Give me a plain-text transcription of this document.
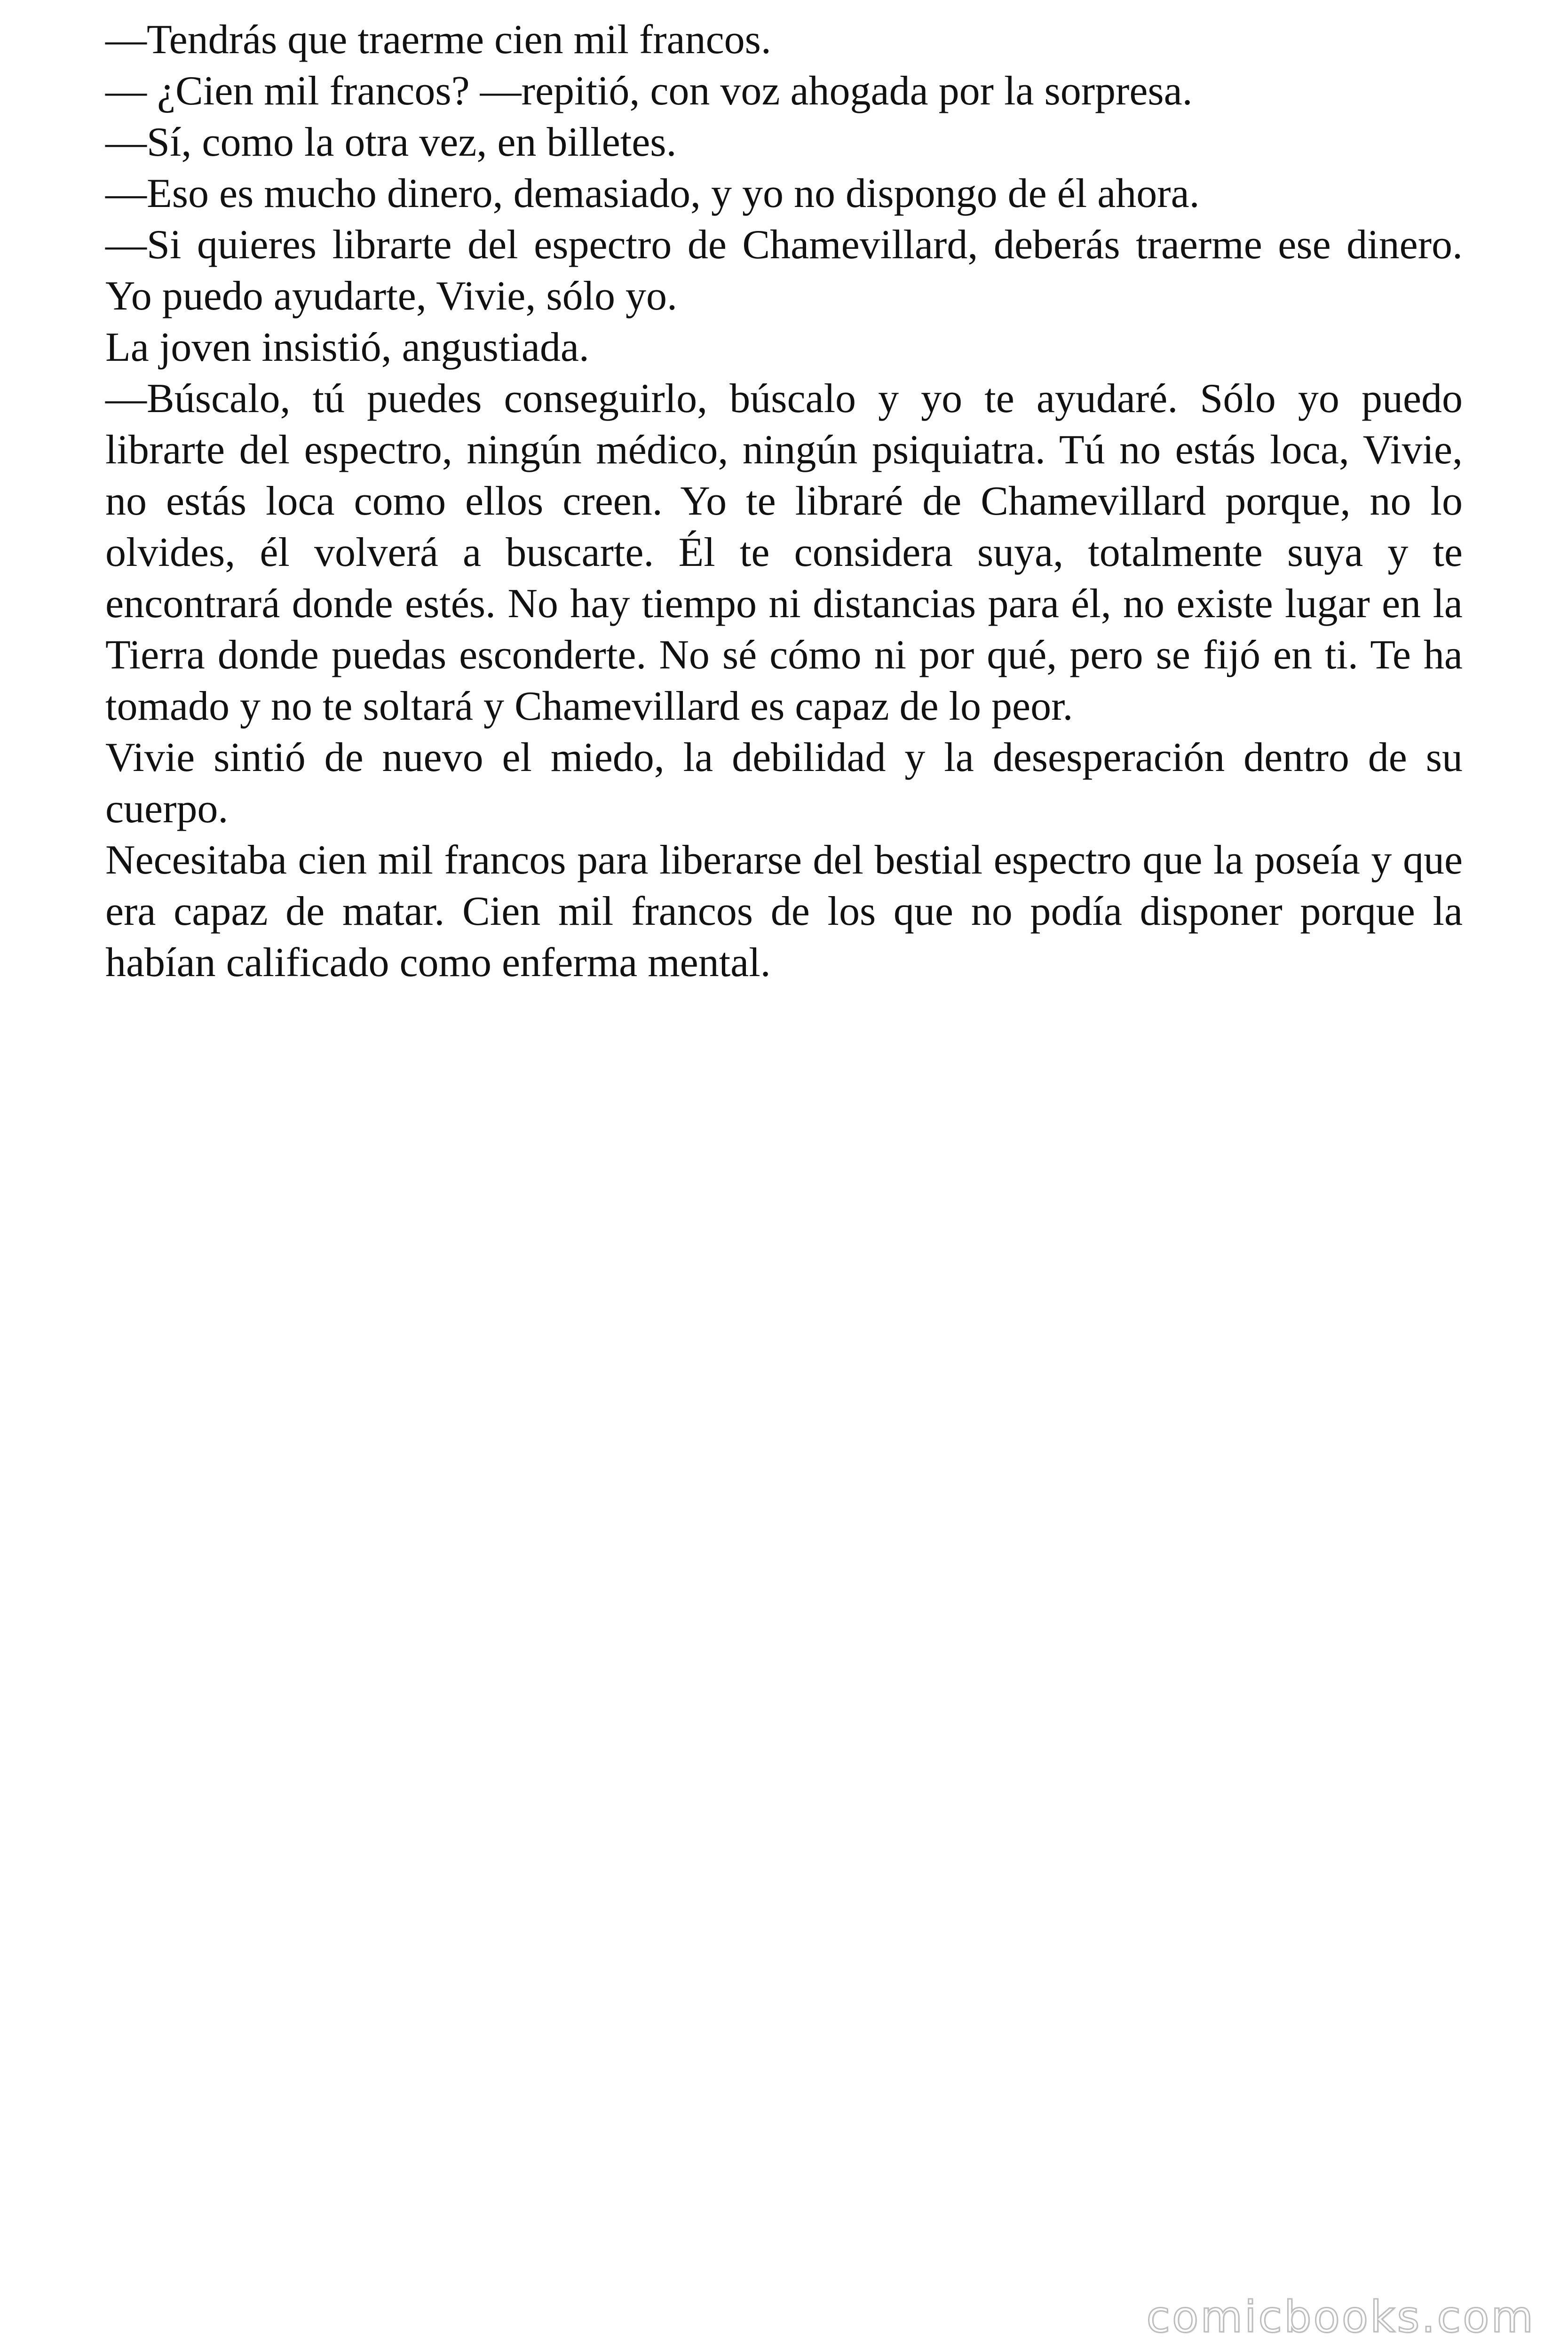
—Tendrás que traerme cien mil francos.

— ¿Cien mil francos? —repitió, con voz ahogada por la sorpresa.

—Sí, como la otra vez, en billetes.

—Eso es mucho dinero, demasiado, y yo no dispongo de él ahora.

—Si quieres librarte del espectro de Chamevillard, deberás traerme ese dinero. Yo puedo ayudarte, Vivie, sólo yo.

La joven insistió, angustiada.

—Búscalo, tú puedes conseguirlo, búscalo y yo te ayudaré. Sólo yo puedo librarte del espectro, ningún médico, ningún psiquiatra. Tú no estás loca, Vivie, no estás loca como ellos creen. Yo te libraré de Chamevillard porque, no lo olvides, él volverá a buscarte. Él te considera suya, totalmente suya y te encontrará donde estés. No hay tiempo ni distancias para él, no existe lugar en la Tierra donde puedas esconderte. No sé cómo ni por qué, pero se fijó en ti. Te ha tomado y no te soltará y Chamevillard es capaz de lo peor.

Vivie sintió de nuevo el miedo, la debilidad y la desesperación dentro de su cuerpo.

Necesitaba cien mil francos para liberarse del bestial espectro que la poseía y que era capaz de matar. Cien mil francos de los que no podía disponer porque la habían calificado como enferma mental.

comicbooks.com
